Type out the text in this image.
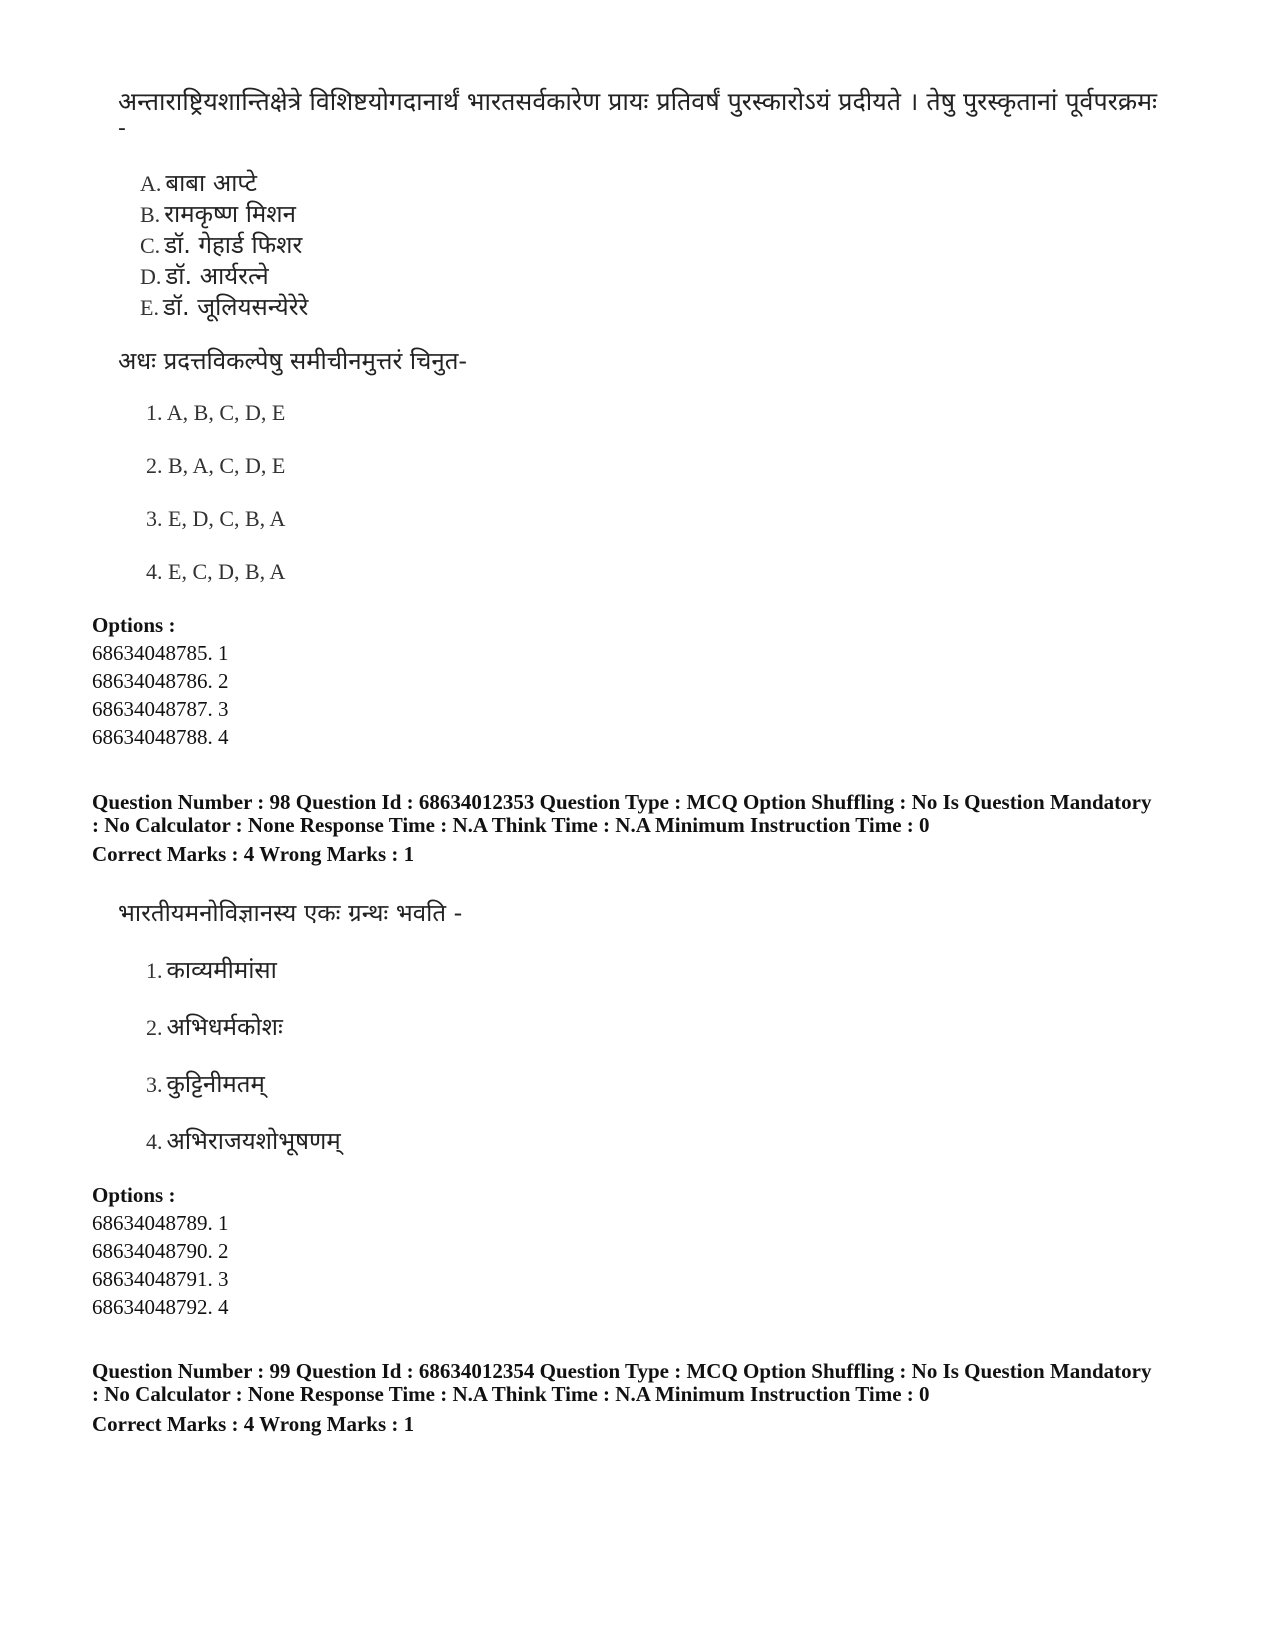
अन्ताराष्ट्रियशान्तिक्षेत्रे विशिष्टयोगदानार्थं भारतसर्वकारेण प्रायः प्रतिवर्षं पुरस्कारोऽयं प्रदीयते । तेषु पुरस्कृतानां पूर्वपरक्रमः
-
A. बाबा आप्टे
B. रामकृष्ण मिशन
C. डॉ. गेहार्ड फिशर
D. डॉ. आर्यरत्ने
E. डॉ. जूलियसन्येरेरे
अधः प्रदत्तविकल्पेषु समीचीनमुत्तरं चिनुत-
1. A, B, C, D, E
2. B, A, C, D, E
3. E, D, C, B, A
4. E, C, D, B, A
Options :
68634048785. 1
68634048786. 2
68634048787. 3
68634048788. 4
Question Number : 98 Question Id : 68634012353 Question Type : MCQ Option Shuffling : No Is Question Mandatory
: No Calculator : None Response Time : N.A Think Time : N.A Minimum Instruction Time : 0
Correct Marks : 4 Wrong Marks : 1
भारतीयमनोविज्ञानस्य एकः ग्रन्थः भवति -
1. काव्यमीमांसा
2. अभिधर्मकोशः
3. कुट्टिनीमतम्
4. अभिराजयशोभूषणम्
Options :
68634048789. 1
68634048790. 2
68634048791. 3
68634048792. 4
Question Number : 99 Question Id : 68634012354 Question Type : MCQ Option Shuffling : No Is Question Mandatory
: No Calculator : None Response Time : N.A Think Time : N.A Minimum Instruction Time : 0
Correct Marks : 4 Wrong Marks : 1
